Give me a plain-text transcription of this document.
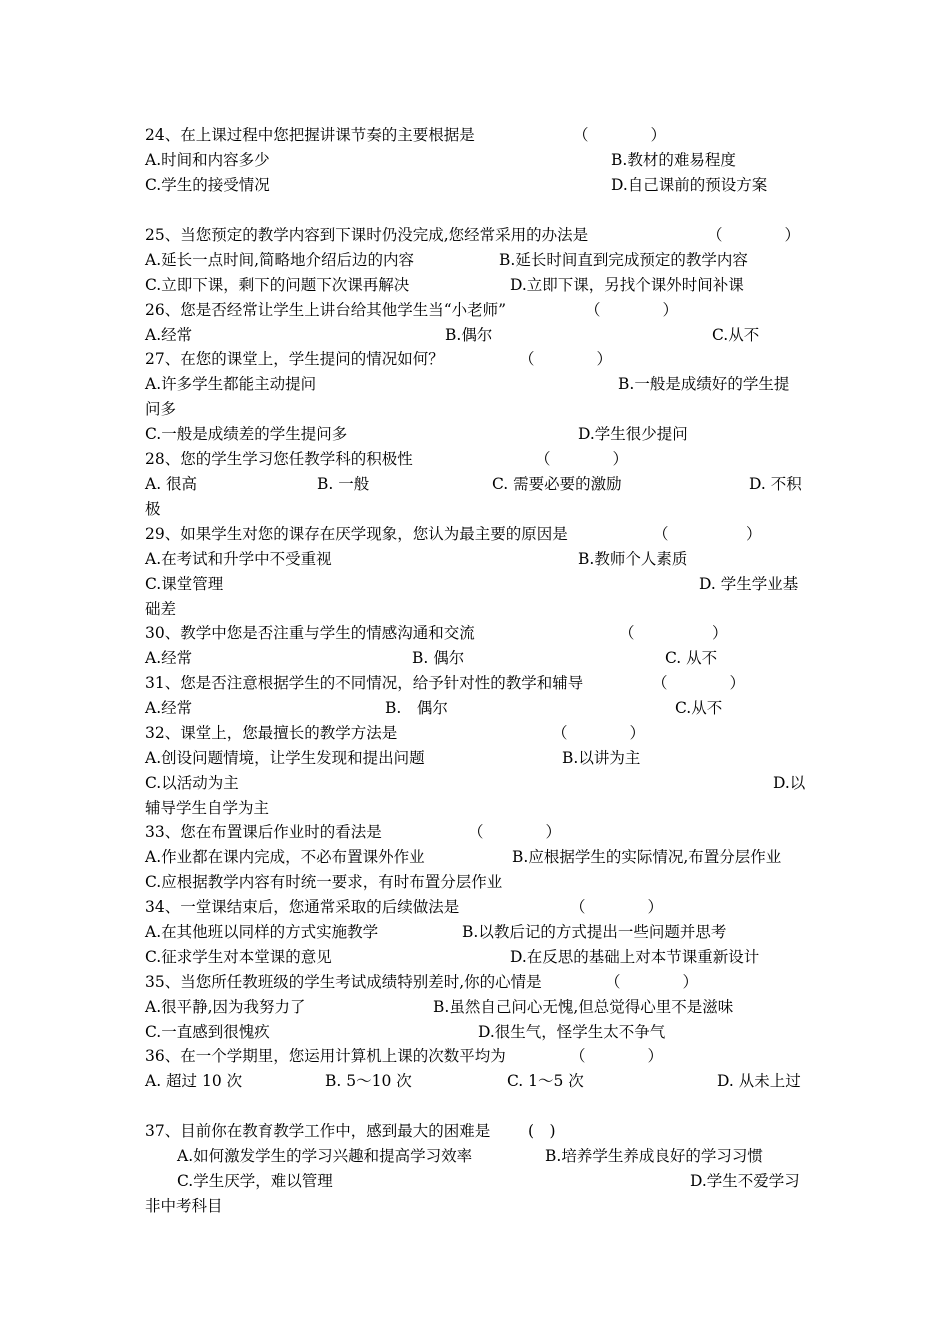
24、在上课过程中您把握讲课节奏的主要根据是	（　　　　）
A.时间和内容多少	B.教材的难易程度
C.学生的接受情况	D.自己课前的预设方案
25、当您预定的教学内容到下课时仍没完成,您经常采用的办法是	（　　　　）
A.延长一点时间,简略地介绍后边的内容	B.延长时间直到完成预定的教学内容
C.立即下课，剩下的问题下次课再解决	D.立即下课，另找个课外时间补课
26、您是否经常让学生上讲台给其他学生当“小老师”	（　　　　）
A.经常	B.偶尔	C.从不
27、在您的课堂上，学生提问的情况如何？	（　　　　）
A.许多学生都能主动提问	B.一般是成绩好的学生提
问多
C.一般是成绩差的学生提问多	D.学生很少提问
28、您的学生学习您任教学科的积极性	（　　　　）
A. 很高	B. 一般	C. 需要必要的激励	D. 不积
极
29、如果学生对您的课存在厌学现象，您认为最主要的原因是	（　　　　　）
A.在考试和升学中不受重视	B.教师个人素质
C.课堂管理	D. 学生学业基
础差
30、教学中您是否注重与学生的情感沟通和交流	（　　　　　）
A.经常	B. 偶尔	C. 从不
31、您是否注意根据学生的不同情况，给予针对性的教学和辅导	（　　　　）
A.经常	B.　偶尔	C.从不
32、课堂上，您最擅长的教学方法是	（　　　　）
A.创设问题情境，让学生发现和提出问题	B.以讲为主
C.以活动为主	D.以
辅导学生自学为主
33、您在布置课后作业时的看法是	（　　　　）
A.作业都在课内完成，不必布置课外作业	B.应根据学生的实际情况,布置分层作业
C.应根据教学内容有时统一要求，有时布置分层作业
34、一堂课结束后，您通常采取的后续做法是	（　　　　）
A.在其他班以同样的方式实施教学	B.以教后记的方式提出一些问题并思考
C.征求学生对本堂课的意见	D.在反思的基础上对本节课重新设计
35、当您所任教班级的学生考试成绩特别差时,你的心情是	（　　　　）
A.很平静,因为我努力了	B.虽然自己问心无愧,但总觉得心里不是滋味
C.一直感到很愧疚	D.很生气，怪学生太不争气
36、在一个学期里，您运用计算机上课的次数平均为	（　　　　）
A. 超过 10 次	B. 5～10 次	C. 1～5 次	D. 从未上过
37、目前你在教育教学工作中，感到最大的困难是 (　)
A.如何激发学生的学习兴趣和提高学习效率	B.培养学生养成良好的学习习惯
C.学生厌学，难以管理	D.学生不爱学习
非中考科目
